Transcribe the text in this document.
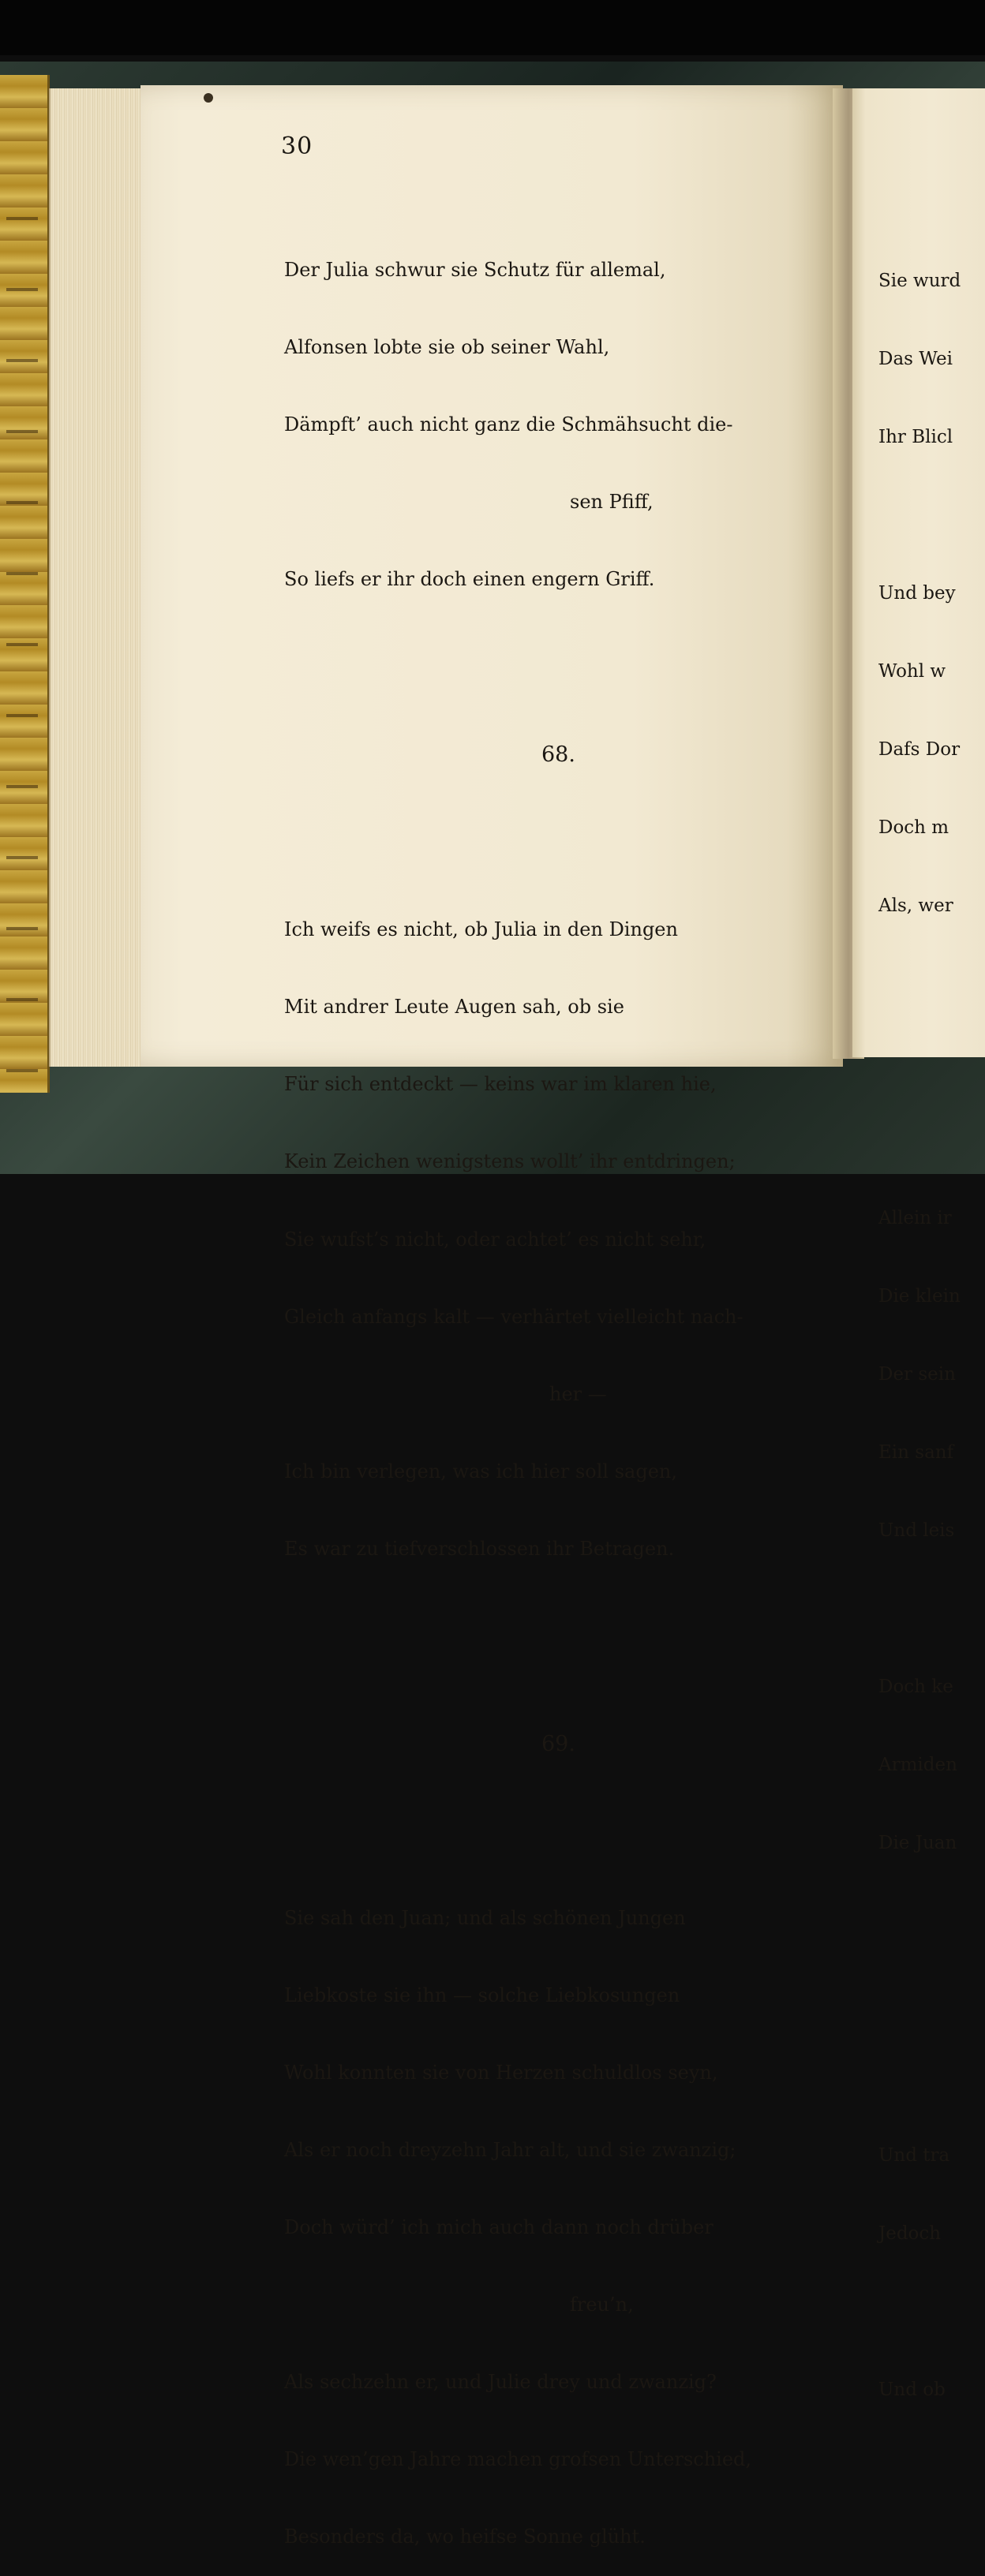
30

Der Julia schwur sie Schutz für allemal,

Alfonsen lobte sie ob seiner Wahl,

Dämpft’ auch nicht ganz die Schmähsucht die-

sen Pfiff,

So liefs er ihr doch einen engern Griff.

68.

Ich weifs es nicht, ob Julia in den Dingen

Mit andrer Leute Augen sah, ob sie

Für sich entdeckt — keins war im klaren hie,

Kein Zeichen wenigstens wollt’ ihr entdringen;

Sie wufst’s nicht, oder achtet’ es nicht sehr,

Gleich anfangs kalt — verhärtet vielleicht nach-

her —

Ich bin verlegen, was ich hier soll sagen,

Es war zu tiefverschlossen ihr Betragen.

69.

Sie sah den Juan; und als schönen Jungen

Liebkoste sie ihn — solche Liebkosungen

Wohl konnten sie von Herzen schuldlos seyn,

Als er noch dreyzehn Jahr alt, und sie zwanzig;

Doch würd’ ich mich auch dann noch drüber

freu’n,

Als sechzehn er, und Julie drey und zwanzig?

Die wen’gen Jahre machen grofsen Unterschied,

Besonders da, wo heifse Sonne glüht.

Sie wurd

Das Wei

Ihr Blicl

Und bey

Wohl w

Dafs Dor

Doch m

Als, wer

Allein ir

Die klein

Der sein

Ein sanf

Und leis

Doch ke

Armiden

Die Juan

Und tra

Jedoch

Und ob
